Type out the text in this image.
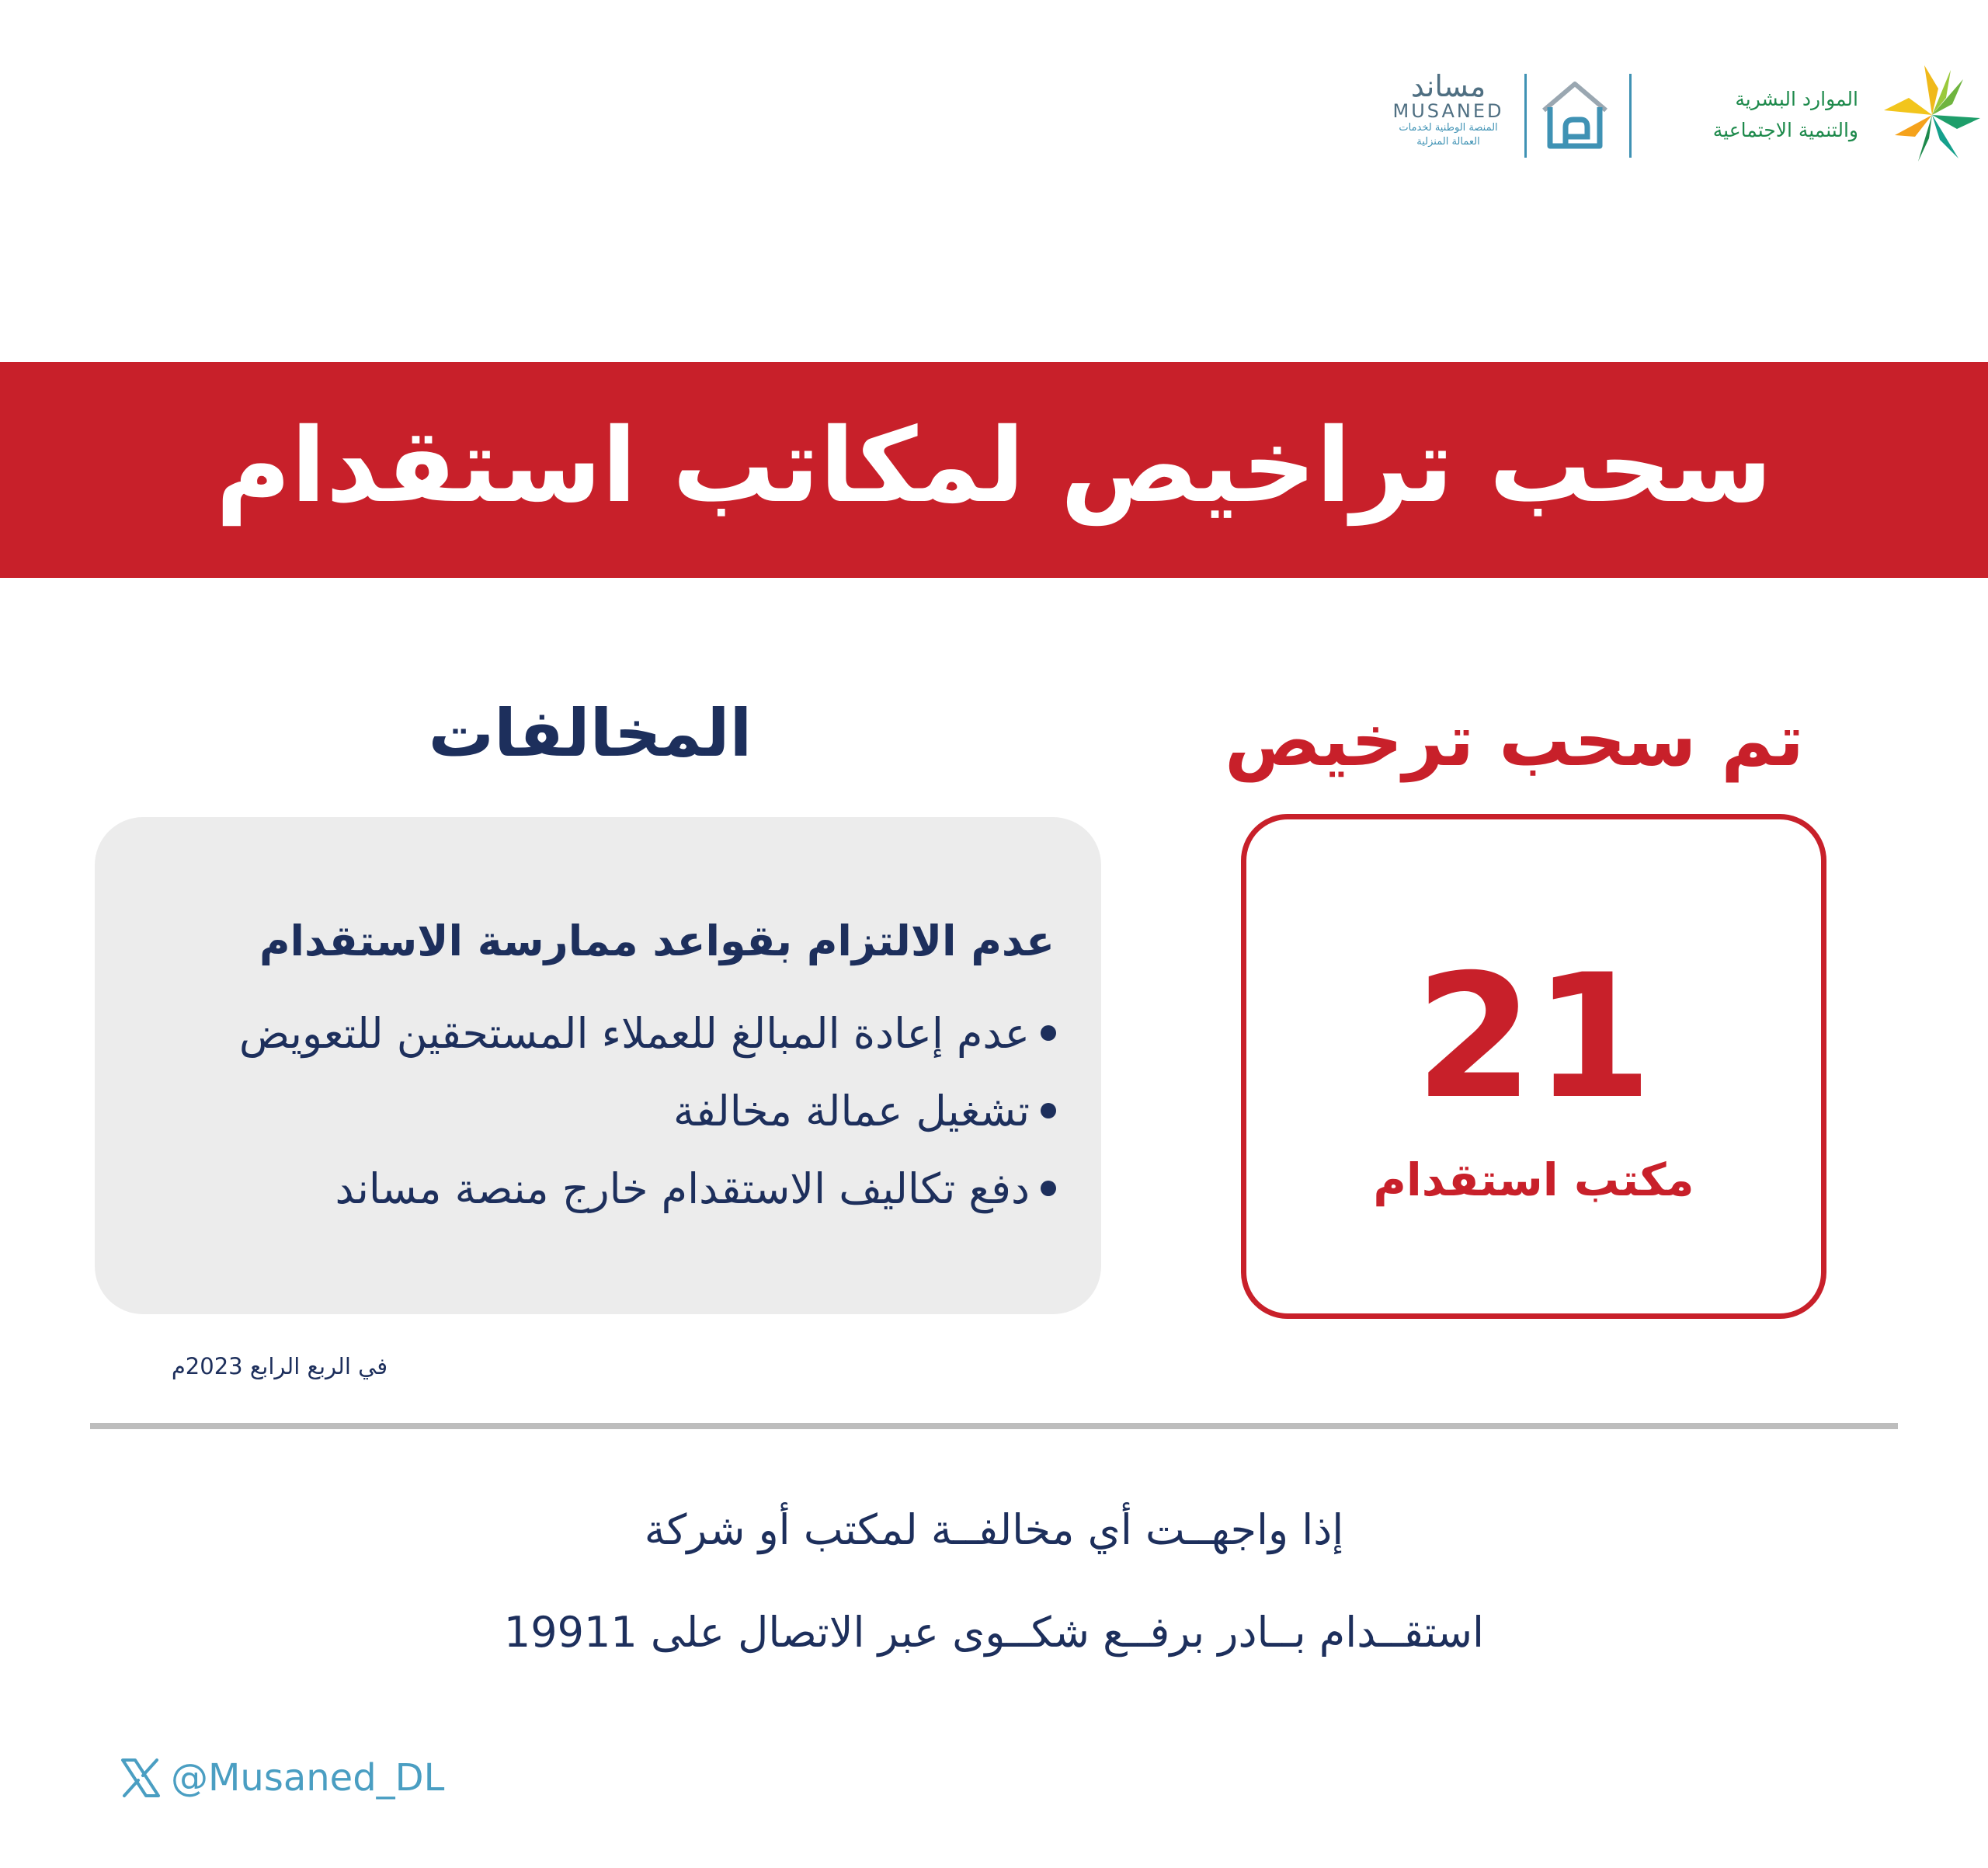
الموارد البشرية
والتنمية الاجتماعية
مساند
MUSANED
المنصة الوطنية لخدمات
العمالة المنزلية
سحب تراخيص لمكاتب استقدام
المخالفات
عدم الالتزام بقواعد ممارسة الاستقدام
عدم إعادة المبالغ للعملاء المستحقين للتعويض
تشغيل عمالة مخالفة
دفع تكاليف الاستقدام خارج منصة مساند
في الربع الرابع 2023م
تم سحب ترخيص
21
مكتب استقدام
إذا واجهــت أي مخالفــة لمكتب أو شركة
استقــدام بــادر برفــع شكــوى عبر الاتصال على 19911
@Musaned_DL
